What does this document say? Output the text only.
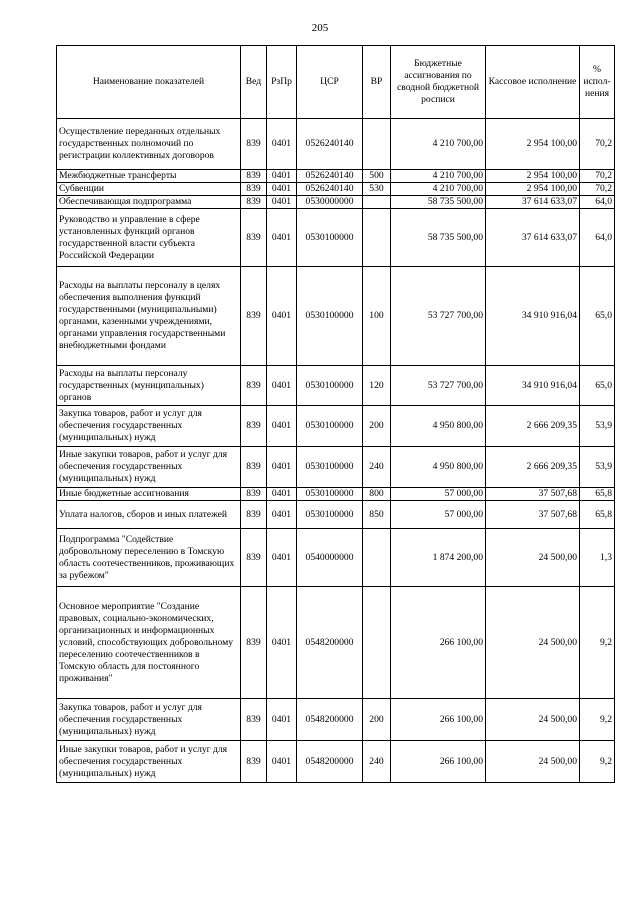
205
Наименование показателей	Вед	РзПр	ЦСР	ВР	Бюджетные ассигнования по сводной бюджетной росписи	Кассовое исполнение	% испол-нения
Осуществление переданных отдельных государственных полномочий по регистрации коллективных договоров	839	0401	0526240140		4 210 700,00	2 954 100,00	70,2
Межбюджетные трансферты	839	0401	0526240140	500	4 210 700,00	2 954 100,00	70,2
Субвенции	839	0401	0526240140	530	4 210 700,00	2 954 100,00	70,2
Обеспечивающая подпрограмма	839	0401	0530000000		58 735 500,00	37 614 633,07	64,0
Руководство и управление в сфере установленных функций органов государственной власти субъекта Российской Федерации	839	0401	0530100000		58 735 500,00	37 614 633,07	64,0
Расходы на выплаты персоналу в целях обеспечения выполнения функций государственными (муниципальными) органами, казенными учреждениями, органами управления государственными внебюджетными фондами	839	0401	0530100000	100	53 727 700,00	34 910 916,04	65,0
Расходы на выплаты персоналу государственных (муниципальных) органов	839	0401	0530100000	120	53 727 700,00	34 910 916,04	65,0
Закупка товаров, работ и услуг для обеспечения государственных (муниципальных) нужд	839	0401	0530100000	200	4 950 800,00	2 666 209,35	53,9
Иные закупки товаров, работ и услуг для обеспечения государственных (муниципальных) нужд	839	0401	0530100000	240	4 950 800,00	2 666 209,35	53,9
Иные бюджетные ассигнования	839	0401	0530100000	800	57 000,00	37 507,68	65,8
Уплата налогов, сборов и иных платежей	839	0401	0530100000	850	57 000,00	37 507,68	65,8
Подпрограмма "Содействие добровольному переселению в Томскую область соотечественников, проживающих за рубежом"	839	0401	0540000000		1 874 200,00	24 500,00	1,3
Основное мероприятие "Создание правовых, социально-экономических, организационных и информационных условий, способствующих добровольному переселению соотечественников в Томскую область для постоянного проживания"	839	0401	0548200000		266 100,00	24 500,00	9,2
Закупка товаров, работ и услуг для обеспечения государственных (муниципальных) нужд	839	0401	0548200000	200	266 100,00	24 500,00	9,2
Иные закупки товаров, работ и услуг для обеспечения государственных (муниципальных) нужд	839	0401	0548200000	240	266 100,00	24 500,00	9,2
